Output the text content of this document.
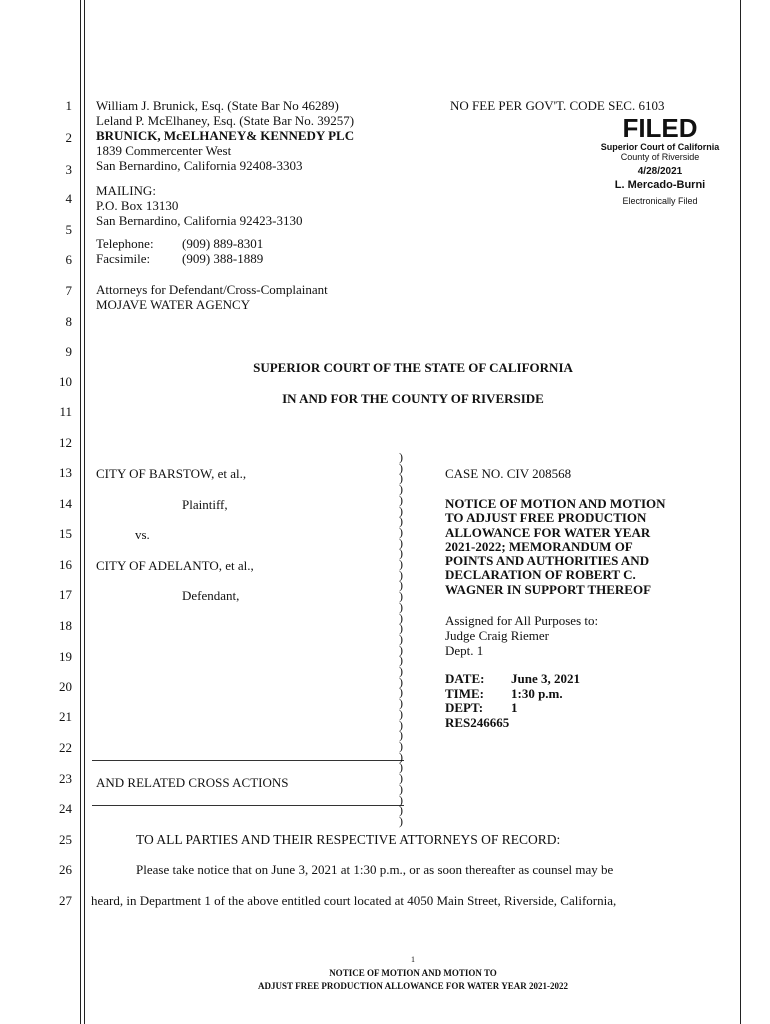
1
2
3
4
5
6
7
8
9
10
11
12
13
14
15
16
17
18
19
20
21
22
23
24
25
26
27
William J. Brunick, Esq. (State Bar No 46289)
Leland P. McElhaney, Esq. (State Bar No. 39257)
BRUNICK, McELHANEY& KENNEDY PLC
1839 Commercenter West
San Bernardino, California 92408-3303
MAILING:
P.O. Box 13130
San Bernardino, California 92423-3130
Telephone: (909) 889-8301
Facsimile: (909) 388-1889
Attorneys for Defendant/Cross-Complainant
MOJAVE WATER AGENCY
NO FEE PER GOV'T. CODE SEC. 6103
FILED
Superior Court of California
County of Riverside
4/28/2021
L. Mercado-Burni
Electronically Filed
SUPERIOR COURT OF THE STATE OF CALIFORNIA
IN AND FOR THE COUNTY OF RIVERSIDE
CITY OF BARSTOW, et al.,
Plaintiff,
vs.
CITY OF ADELANTO, et al.,
Defendant,
AND RELATED CROSS ACTIONS
)
)
)
)
)
)
)
)
)
)
)
)
)
)
)
)
)
)
)
)
)
)
)
)
)
)
)
)
)
)
)
)
)
)
)
CASE NO. CIV 208568
NOTICE OF MOTION AND MOTION
TO ADJUST FREE PRODUCTION
ALLOWANCE FOR WATER YEAR
2021-2022; MEMORANDUM OF
POINTS AND AUTHORITIES AND
DECLARATION OF ROBERT C.
WAGNER IN SUPPORT THEREOF
Assigned for All Purposes to:
Judge Craig Riemer
Dept. 1
DATE: June 3, 2021
TIME: 1:30 p.m.
DEPT: 1
RES246665
TO ALL PARTIES AND THEIR RESPECTIVE ATTORNEYS OF RECORD:
Please take notice that on June 3, 2021 at 1:30 p.m., or as soon thereafter as counsel may be
heard, in Department 1 of the above entitled court located at 4050 Main Street, Riverside, California,
1
NOTICE OF MOTION AND MOTION TO
ADJUST FREE PRODUCTION ALLOWANCE FOR WATER YEAR 2021-2022
